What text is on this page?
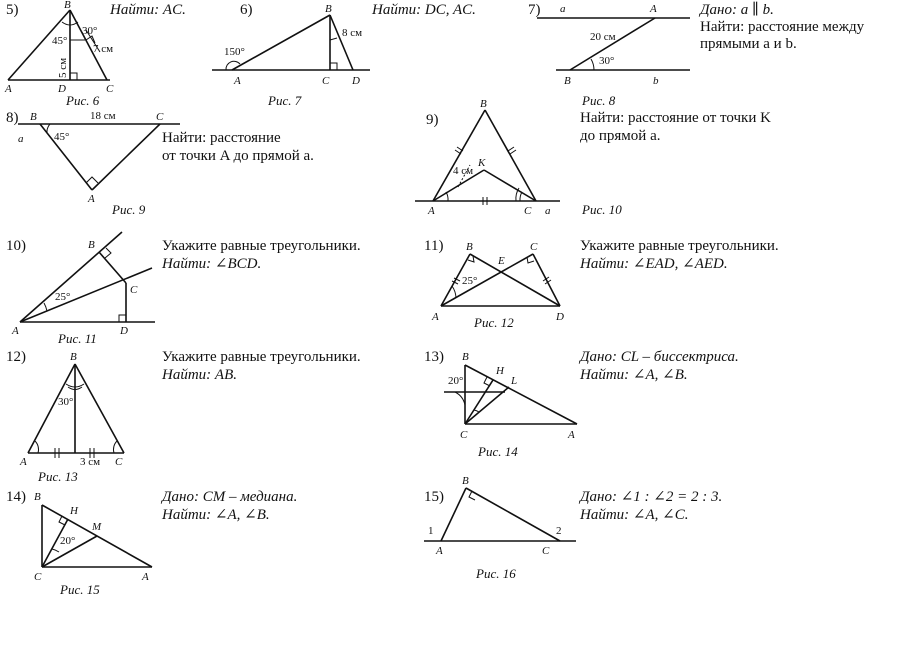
B
A	D	C
45°
30°
7 см
5 см
B
A	C D
150°
8 см
a	A
B	b
20 см
30°
a
B	C
A
18 см
45°
B
K
A	C a
4 см
B
C
A	D
25°
B
E
C
A	D
25°
B
A	C
30°
3 см
B
H
L
C	A
20°
B
H
M
C	A
20°
B
A	C
1	2
5)	Найти: AC.
Рис. 6
6)	Найти: DC, AC.
Рис. 7
7)	Дано: a ∥ b.
Найти: расстояние между
прямыми a и b.
Рис. 8
8)
Найти: расстояние
от точки A до прямой a.
Рис. 9
9)	Найти: расстояние от точки K
до прямой a.
Рис. 10
10)	Укажите равные треугольники.
Найти: ∠BCD.
Рис. 11
11)	Укажите равные треугольники.
Найти: ∠EAD, ∠AED.
Рис. 12
12)	Укажите равные треугольники.
Найти: AB.
Рис. 13
13)	Дано: CL – биссектриса.
Найти: ∠A, ∠B.
Рис. 14
14)	Дано: CM – медиана.
Найти: ∠A, ∠B.
Рис. 15
15)	Дано: ∠1 : ∠2 = 2 : 3.
Найти: ∠A, ∠C.
Рис. 16
